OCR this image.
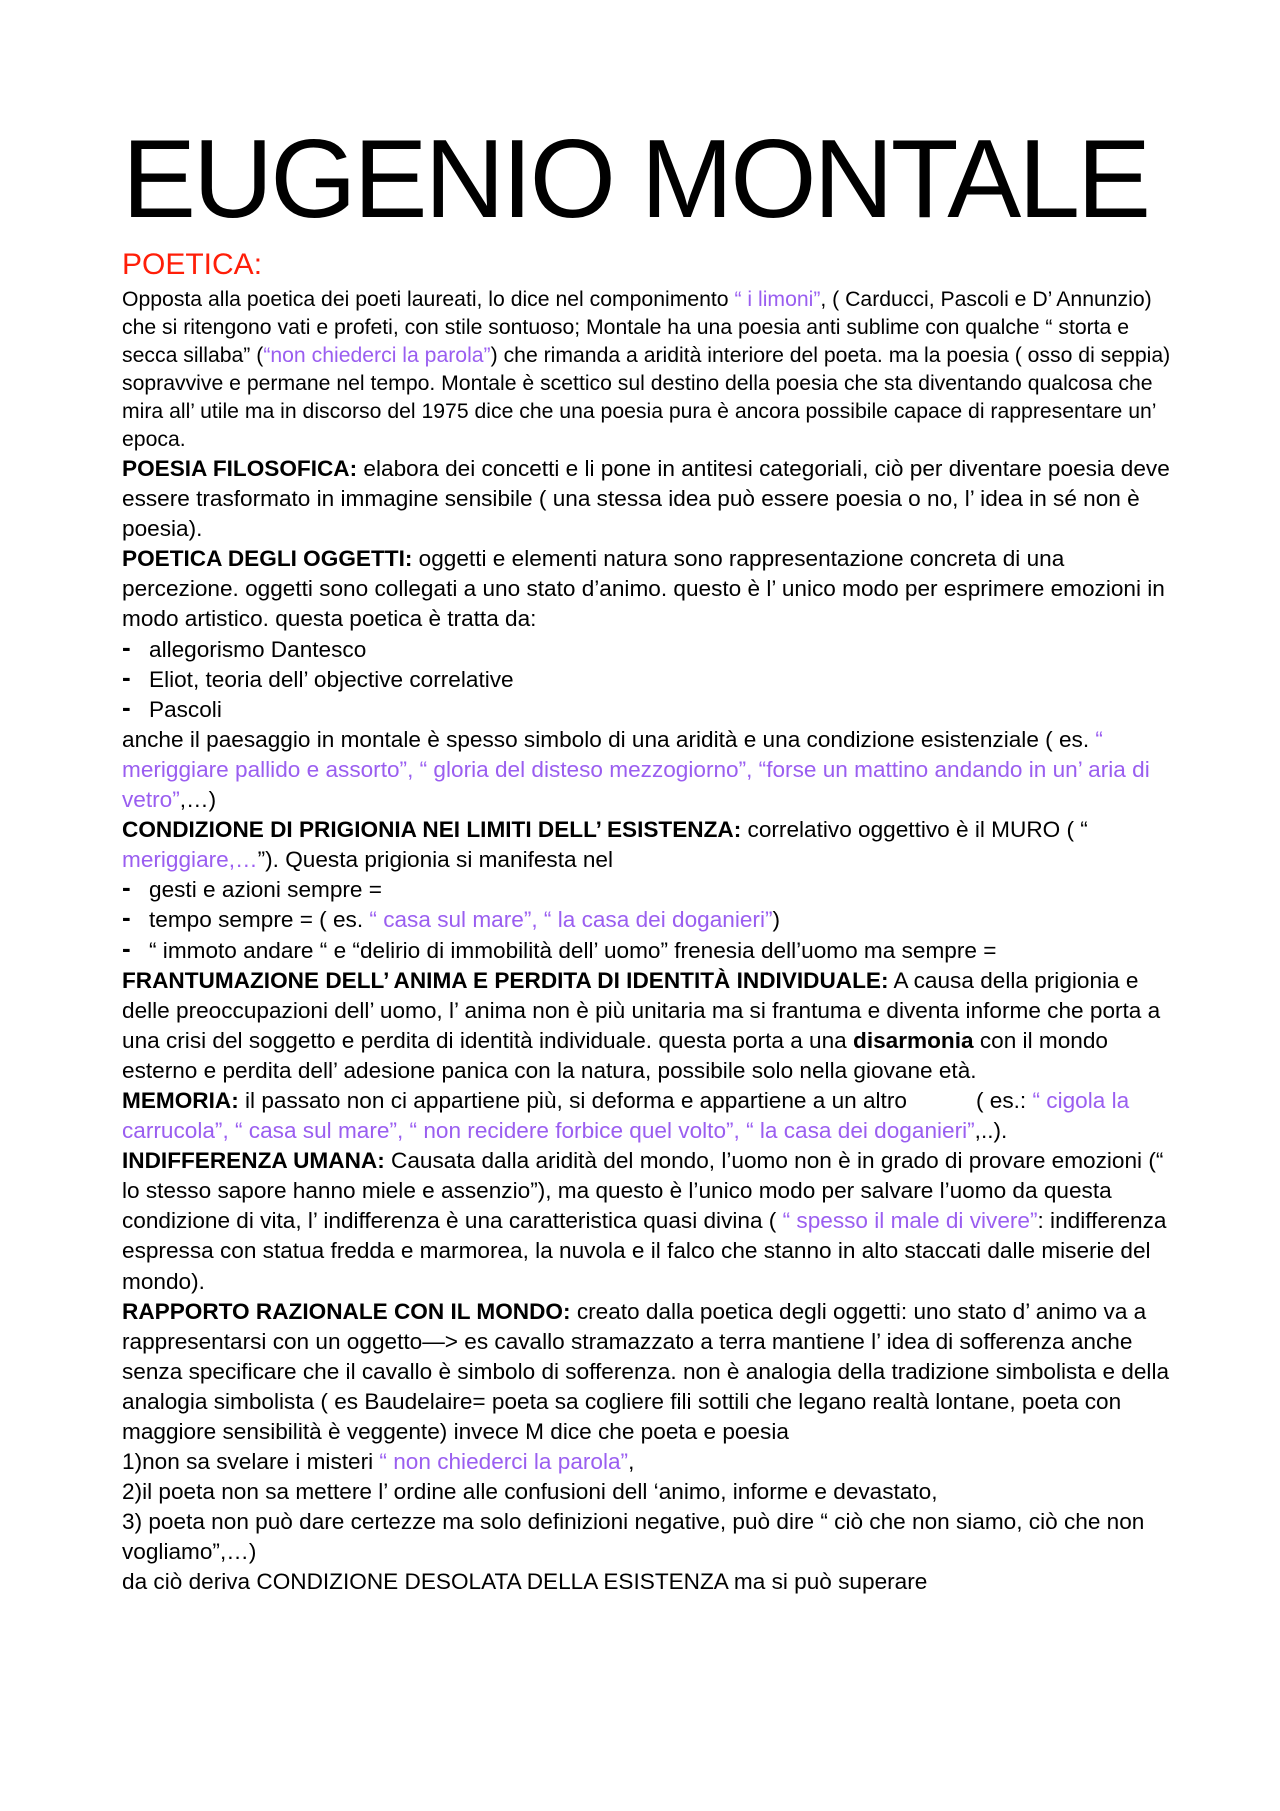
EUGENIO MONTALE
POETICA:

Opposta alla poetica dei poeti laureati, lo dice nel componimento “ i limoni”, ( Carducci, Pascoli e D’ Annunzio) che si ritengono vati e profeti, con stile sontuoso; Montale ha una poesia anti sublime con qualche “ storta e secca sillaba” (“non chiederci la parola”) che rimanda a aridità interiore del poeta. ma la poesia ( osso di seppia) sopravvive e permane nel tempo. Montale è scettico sul destino della poesia che sta diventando qualcosa che mira all’ utile ma in discorso del 1975 dice che una poesia pura è ancora possibile capace di rappresentare un’ epoca.

POESIA FILOSOFICA: elabora dei concetti e li pone in antitesi categoriali, ciò per diventare poesia deve essere trasformato in immagine sensibile ( una stessa idea può essere poesia o no, l’ idea in sé non è poesia).

POETICA DEGLI OGGETTI: oggetti e elementi natura sono rappresentazione concreta di una percezione. oggetti sono collegati a uno stato d’animo. questo è l’ unico modo per esprimere emozioni in modo artistico. questa poetica è tratta da:

- allegorismo Dantesco
- Eliot, teoria dell’ objective correlative
- Pascoli

anche il paesaggio in montale è spesso simbolo di una aridità e una condizione esistenziale ( es. “ meriggiare pallido e assorto”, “ gloria del disteso mezzogiorno”, “forse un mattino andando in un’ aria di vetro”,…)

CONDIZIONE DI PRIGIONIA NEI LIMITI DELL’ ESISTENZA: correlativo oggettivo è il MURO ( “ meriggiare,…”). Questa prigionia si manifesta nel

- gesti e azioni sempre =
- tempo sempre = ( es. “ casa sul mare”, “ la casa dei doganieri”)
- “ immoto andare “ e “delirio di immobilità dell’ uomo” frenesia dell’uomo ma sempre =

FRANTUMAZIONE DELL’ ANIMA E PERDITA DI IDENTITÀ INDIVIDUALE: A causa della prigionia e delle preoccupazioni dell’ uomo, l’ anima non è più unitaria ma si frantuma e diventa informe che porta a una crisi del soggetto e perdita di identità individuale. questa porta a una disarmonia con il mondo esterno e perdita dell’ adesione panica con la natura, possibile solo nella giovane età.

MEMORIA: il passato non ci appartiene più, si deforma e appartiene a un altro           ( es.: “ cigola la carrucola”, “ casa sul mare”, “ non recidere forbice quel volto”, “ la casa dei doganieri”,..).

INDIFFERENZA UMANA: Causata dalla aridità del mondo, l’uomo non è in grado di provare emozioni (“ lo stesso sapore hanno miele e assenzio”), ma questo è l’unico modo per salvare l’uomo da questa condizione di vita, l’ indifferenza è una caratteristica quasi divina ( “ spesso il male di vivere”: indifferenza espressa con statua fredda e marmorea, la nuvola e il falco che stanno in alto staccati dalle miserie del mondo).

RAPPORTO RAZIONALE CON IL MONDO: creato dalla poetica degli oggetti: uno stato d’ animo va a rappresentarsi con un oggetto—> es cavallo stramazzato a terra mantiene l’ idea di sofferenza anche senza specificare che il cavallo è simbolo di sofferenza. non è analogia della tradizione simbolista e della analogia simbolista ( es Baudelaire= poeta sa cogliere fili sottili che legano realtà lontane, poeta con maggiore sensibilità è veggente) invece M dice che poeta e poesia

1)non sa svelare i misteri “ non chiederci la parola”,

2)il poeta non sa mettere l’ ordine alle confusioni dell ‘animo, informe e devastato,

3) poeta non può dare certezze ma solo definizioni negative, può dire “ ciò che non siamo, ciò che non vogliamo”,…)

da ciò deriva CONDIZIONE DESOLATA DELLA ESISTENZA ma si può superare
